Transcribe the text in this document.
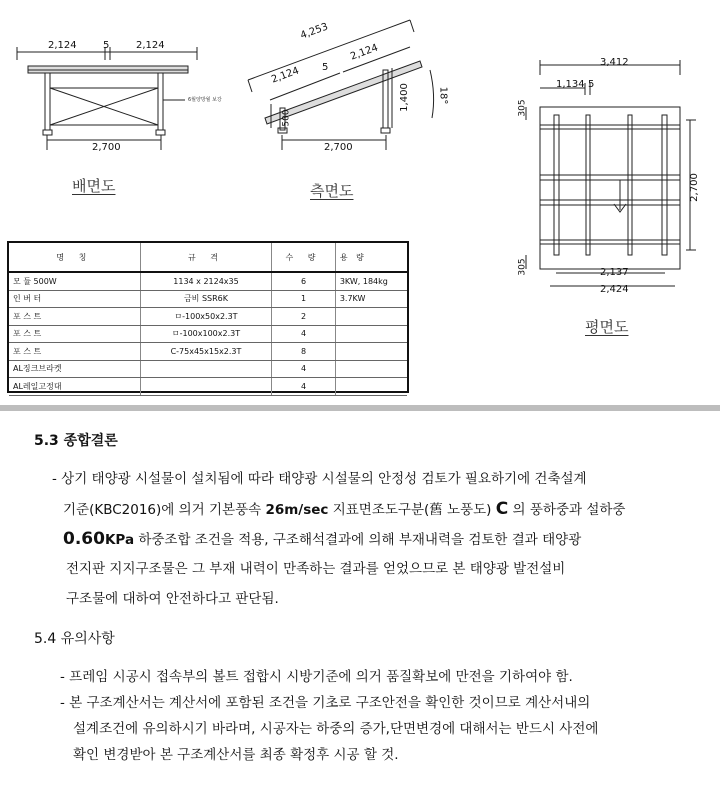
2,124	5	2,124
2,700
6월양방월 보강
배면도
4,253
2,124 5
2,124
1,400
500
2,700
18°
측면도
3,412
1,134 5
305
305
2,700
2,137
2,424
평면도
명 칭	규 격	수 량	용 량
모 듈 500W	1134 x 2124x35	6	3KW, 184kg
인 버 터	금비 SSR6K	1	3.7KW
포 스 트	ㅁ-100x50x2.3T	2	
포 스 트	ㅁ-100x100x2.3T	4	
포 스 트	C-75x45x15x2.3T	8	
AL징크브라켓		4	
AL레일고정대		4	
5.3 종합결론
- 상기 태양광 시설물이 설치됨에 따라 태양광 시설물의 안정성 검토가 필요하기에 건축설계
기준(KBC2016)에 의거 기본풍속 26m/sec 지표면조도구분(舊 노풍도) C 의 풍하중과 설하중
0.60KPa 하중조합 조건을 적용, 구조해석결과에 의해 부재내력을 검토한 결과 태양광
전지판 지지구조물은 그 부재 내력이 만족하는 결과를 얻었으므로 본 태양광 발전설비
구조물에 대하여 안전하다고 판단됨.
5.4 유의사항
- 프레임 시공시 접속부의 볼트 접합시 시방기준에 의거 품질확보에 만전을 기하여야 함.
- 본 구조계산서는 계산서에 포함된 조건을 기초로 구조안전을 확인한 것이므로 계산서내의
설계조건에 유의하시기 바라며, 시공자는 하중의 증가,단면변경에 대해서는 반드시 사전에
확인 변경받아 본 구조계산서를 최종 확정후 시공 할 것.
